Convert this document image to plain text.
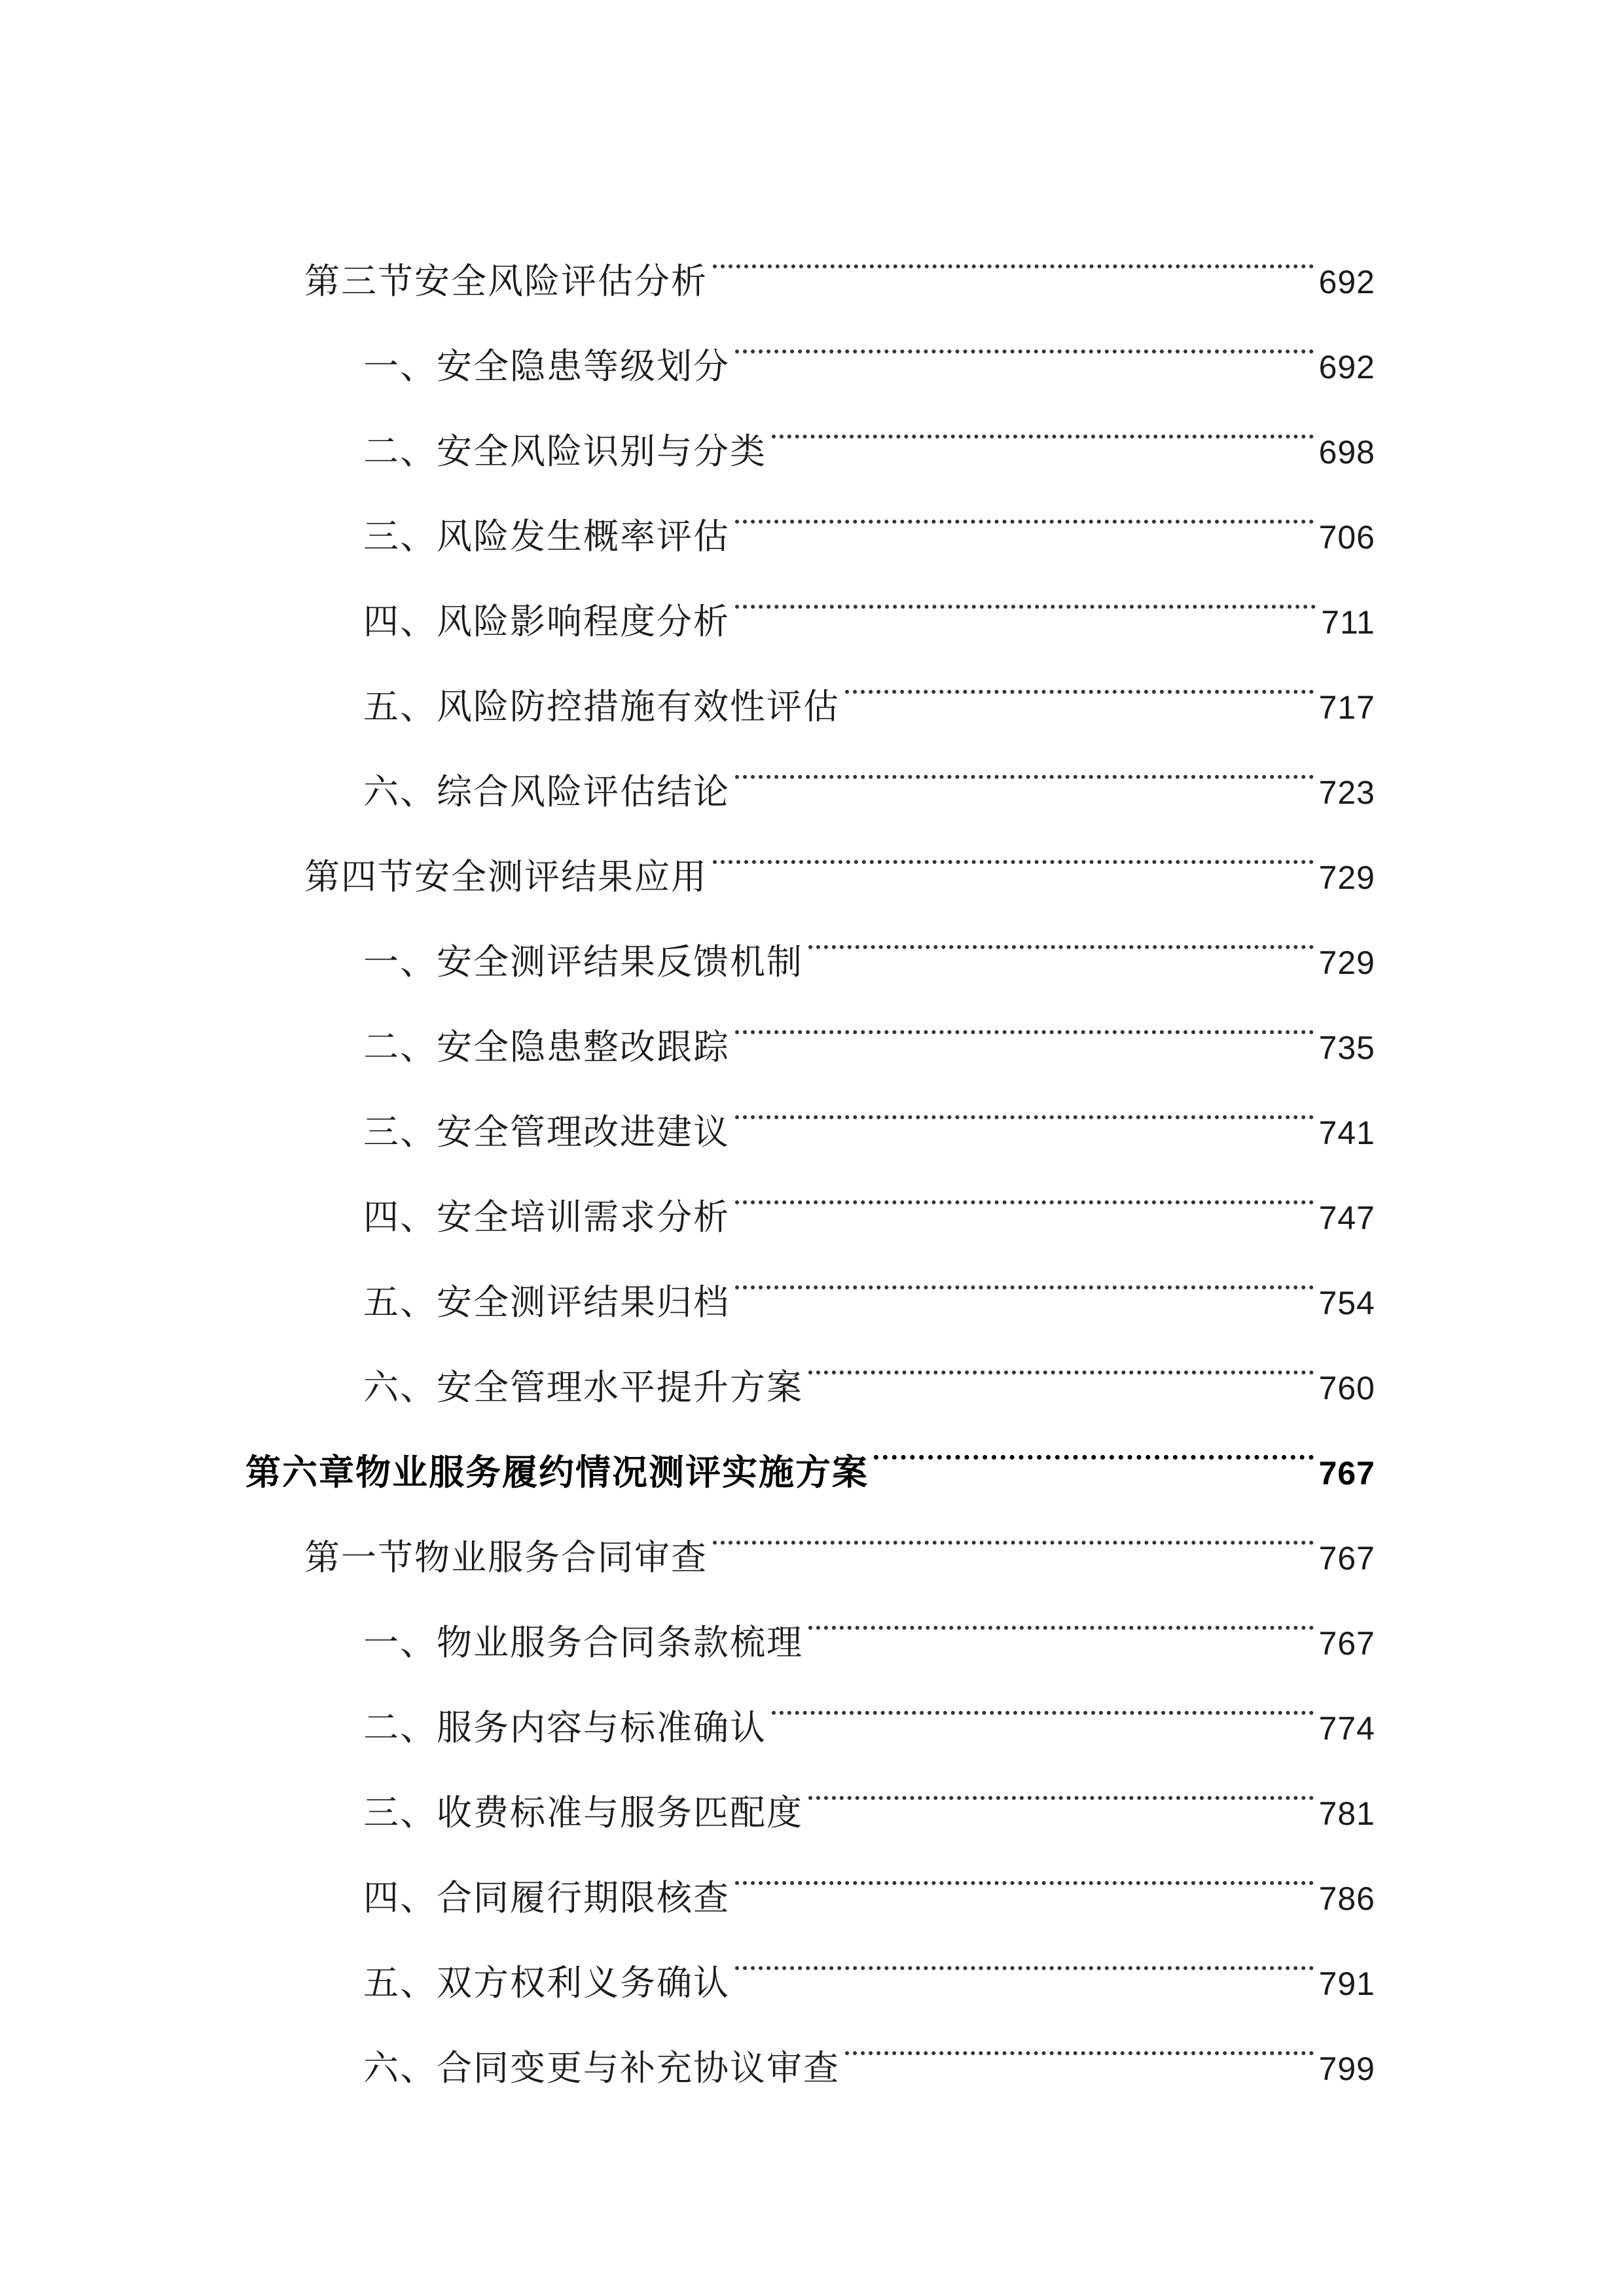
第三节安全风险评估分析	692
一、安全隐患等级划分	692
二、安全风险识别与分类	698
三、风险发生概率评估	706
四、风险影响程度分析	711
五、风险防控措施有效性评估	717
六、综合风险评估结论	723
第四节安全测评结果应用	729
一、安全测评结果反馈机制	729
二、安全隐患整改跟踪	735
三、安全管理改进建议	741
四、安全培训需求分析	747
五、安全测评结果归档	754
六、安全管理水平提升方案	760
第六章物业服务履约情况测评实施方案	767
第一节物业服务合同审查	767
一、物业服务合同条款梳理	767
二、服务内容与标准确认	774
三、收费标准与服务匹配度	781
四、合同履行期限核查	786
五、双方权利义务确认	791
六、合同变更与补充协议审查	799
